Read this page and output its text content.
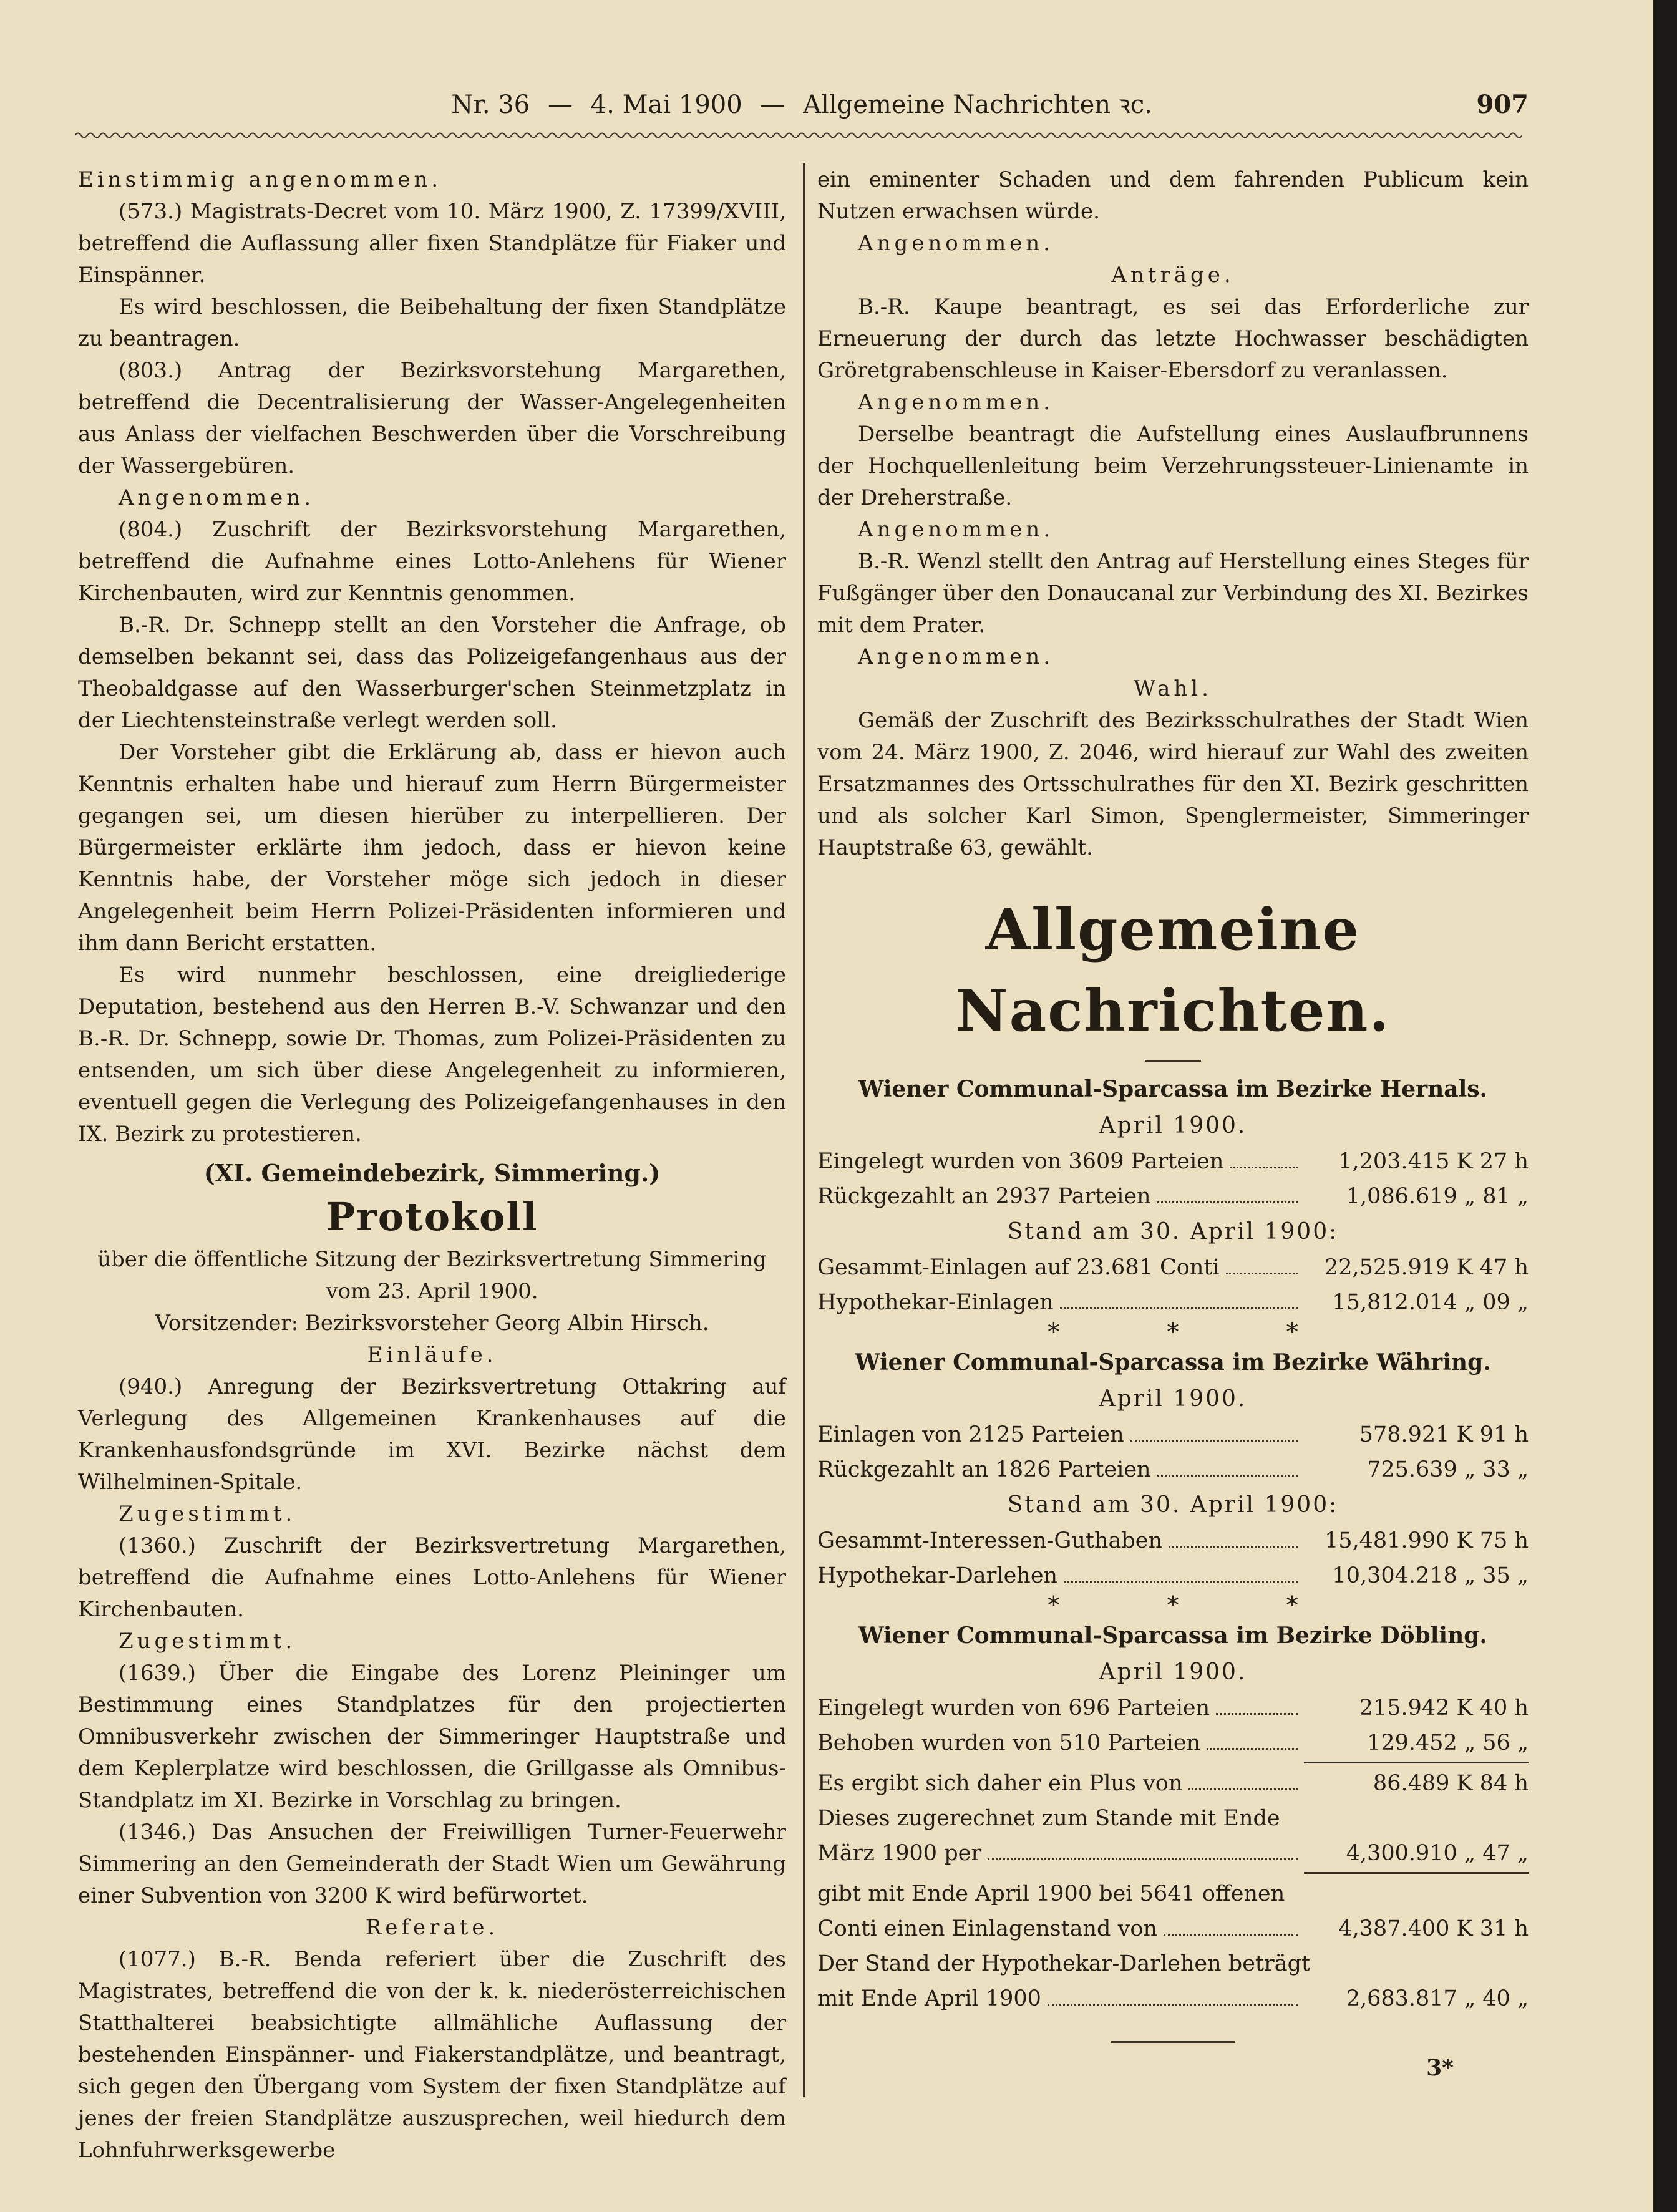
Nr. 36 — 4. Mai 1900 — Allgemeine Nachrichten ꝛc.	907

Einstimmig angenommen.

(573.) Magistrats-Decret vom 10. März 1900, Z. 17399/XVIII, betreffend die Auflassung aller fixen Standplätze für Fiaker und Einspänner.

Es wird beschlossen, die Beibehaltung der fixen Standplätze zu beantragen.

(803.) Antrag der Bezirksvorstehung Margarethen, betreffend die Decentralisierung der Wasser-Angelegenheiten aus Anlass der vielfachen Beschwerden über die Vorschreibung der Wassergebüren.

Angenommen.

(804.) Zuschrift der Bezirksvorstehung Margarethen, betreffend die Aufnahme eines Lotto-Anlehens für Wiener Kirchenbauten, wird zur Kenntnis genommen.

B.-R. Dr. Schnepp stellt an den Vorsteher die Anfrage, ob demselben bekannt sei, dass das Polizeigefangenhaus aus der Theobaldgasse auf den Wasserburger'schen Steinmetzplatz in der Liechtensteinstraße verlegt werden soll.

Der Vorsteher gibt die Erklärung ab, dass er hievon auch Kenntnis erhalten habe und hierauf zum Herrn Bürgermeister gegangen sei, um diesen hierüber zu interpellieren. Der Bürgermeister erklärte ihm jedoch, dass er hievon keine Kenntnis habe, der Vorsteher möge sich jedoch in dieser Angelegenheit beim Herrn Polizei-Präsidenten informieren und ihm dann Bericht erstatten.

Es wird nunmehr beschlossen, eine dreigliederige Deputation, bestehend aus den Herren B.-V. Schwanzar und den B.-R. Dr. Schnepp, sowie Dr. Thomas, zum Polizei-Präsidenten zu entsenden, um sich über diese Angelegenheit zu informieren, eventuell gegen die Verlegung des Polizeigefangenhauses in den IX. Bezirk zu protestieren.

(XI. Gemeindebezirk, Simmering.)

Protokoll

über die öffentliche Sitzung der Bezirksvertretung Simmering vom 23. April 1900.

Vorsitzender: Bezirksvorsteher Georg Albin Hirsch.

Einläufe.

(940.) Anregung der Bezirksvertretung Ottakring auf Verlegung des Allgemeinen Krankenhauses auf die Krankenhausfondsgründe im XVI. Bezirke nächst dem Wilhelminen-Spitale.

Zugestimmt.

(1360.) Zuschrift der Bezirksvertretung Margarethen, betreffend die Aufnahme eines Lotto-Anlehens für Wiener Kirchenbauten.

Zugestimmt.

(1639.) Über die Eingabe des Lorenz Pleininger um Bestimmung eines Standplatzes für den projectierten Omnibusverkehr zwischen der Simmeringer Hauptstraße und dem Keplerplatze wird beschlossen, die Grillgasse als Omnibus-Standplatz im XI. Bezirke in Vorschlag zu bringen.

(1346.) Das Ansuchen der Freiwilligen Turner-Feuerwehr Simmering an den Gemeinderath der Stadt Wien um Gewährung einer Subvention von 3200 K wird befürwortet.

Referate.

(1077.) B.-R. Benda referiert über die Zuschrift des Magistrates, betreffend die von der k. k. niederösterreichischen Statthalterei beabsichtigte allmähliche Auflassung der bestehenden Einspänner- und Fiakerstandplätze, und beantragt, sich gegen den Übergang vom System der fixen Standplätze auf jenes der freien Standplätze auszusprechen, weil hiedurch dem Lohnfuhrwerksgewerbe

ein eminenter Schaden und dem fahrenden Publicum kein Nutzen erwachsen würde.

Angenommen.

Anträge.

B.-R. Kaupe beantragt, es sei das Erforderliche zur Erneuerung der durch das letzte Hochwasser beschädigten Gröretgrabenschleuse in Kaiser-Ebersdorf zu veranlassen.

Angenommen.

Derselbe beantragt die Aufstellung eines Auslaufbrunnens der Hochquellenleitung beim Verzehrungssteuer-Linienamte in der Dreherstraße.

Angenommen.

B.-R. Wenzl stellt den Antrag auf Herstellung eines Steges für Fußgänger über den Donaucanal zur Verbindung des XI. Bezirkes mit dem Prater.

Angenommen.

Wahl.

Gemäß der Zuschrift des Bezirksschulrathes der Stadt Wien vom 24. März 1900, Z. 2046, wird hierauf zur Wahl des zweiten Ersatzmannes des Ortsschulrathes für den XI. Bezirk geschritten und als solcher Karl Simon, Spenglermeister, Simmeringer Hauptstraße 63, gewählt.

Allgemeine Nachrichten.
Wiener Communal-Sparcassa im Bezirke Hernals.
April 1900.
Eingelegt wurden von 3609 Parteien	1,203.415 K 27 h
Rückgezahlt an 2937 Parteien	1,086.619 „ 81 „
Stand am 30. April 1900:
Gesammt-Einlagen auf 23.681 Conti	22,525.919 K 47 h
Hypothekar-Einlagen	15,812.014 „ 09 „
* * *
Wiener Communal-Sparcassa im Bezirke Währing.
April 1900.
Einlagen von 2125 Parteien	578.921 K 91 h
Rückgezahlt an 1826 Parteien	725.639 „ 33 „
Stand am 30. April 1900:
Gesammt-Interessen-Guthaben	15,481.990 K 75 h
Hypothekar-Darlehen	10,304.218 „ 35 „
* * *
Wiener Communal-Sparcassa im Bezirke Döbling.
April 1900.
Eingelegt wurden von 696 Parteien	215.942 K 40 h
Behoben wurden von 510 Parteien	129.452 „ 56 „
Es ergibt sich daher ein Plus von	86.489 K 84 h
Dieses zugerechnet zum Stande mit Ende
März 1900 per	4,300.910 „ 47 „
gibt mit Ende April 1900 bei 5641 offenen
Conti einen Einlagenstand von	4,387.400 K 31 h
Der Stand der Hypothekar-Darlehen beträgt
mit Ende April 1900	2,683.817 „ 40 „
3*
